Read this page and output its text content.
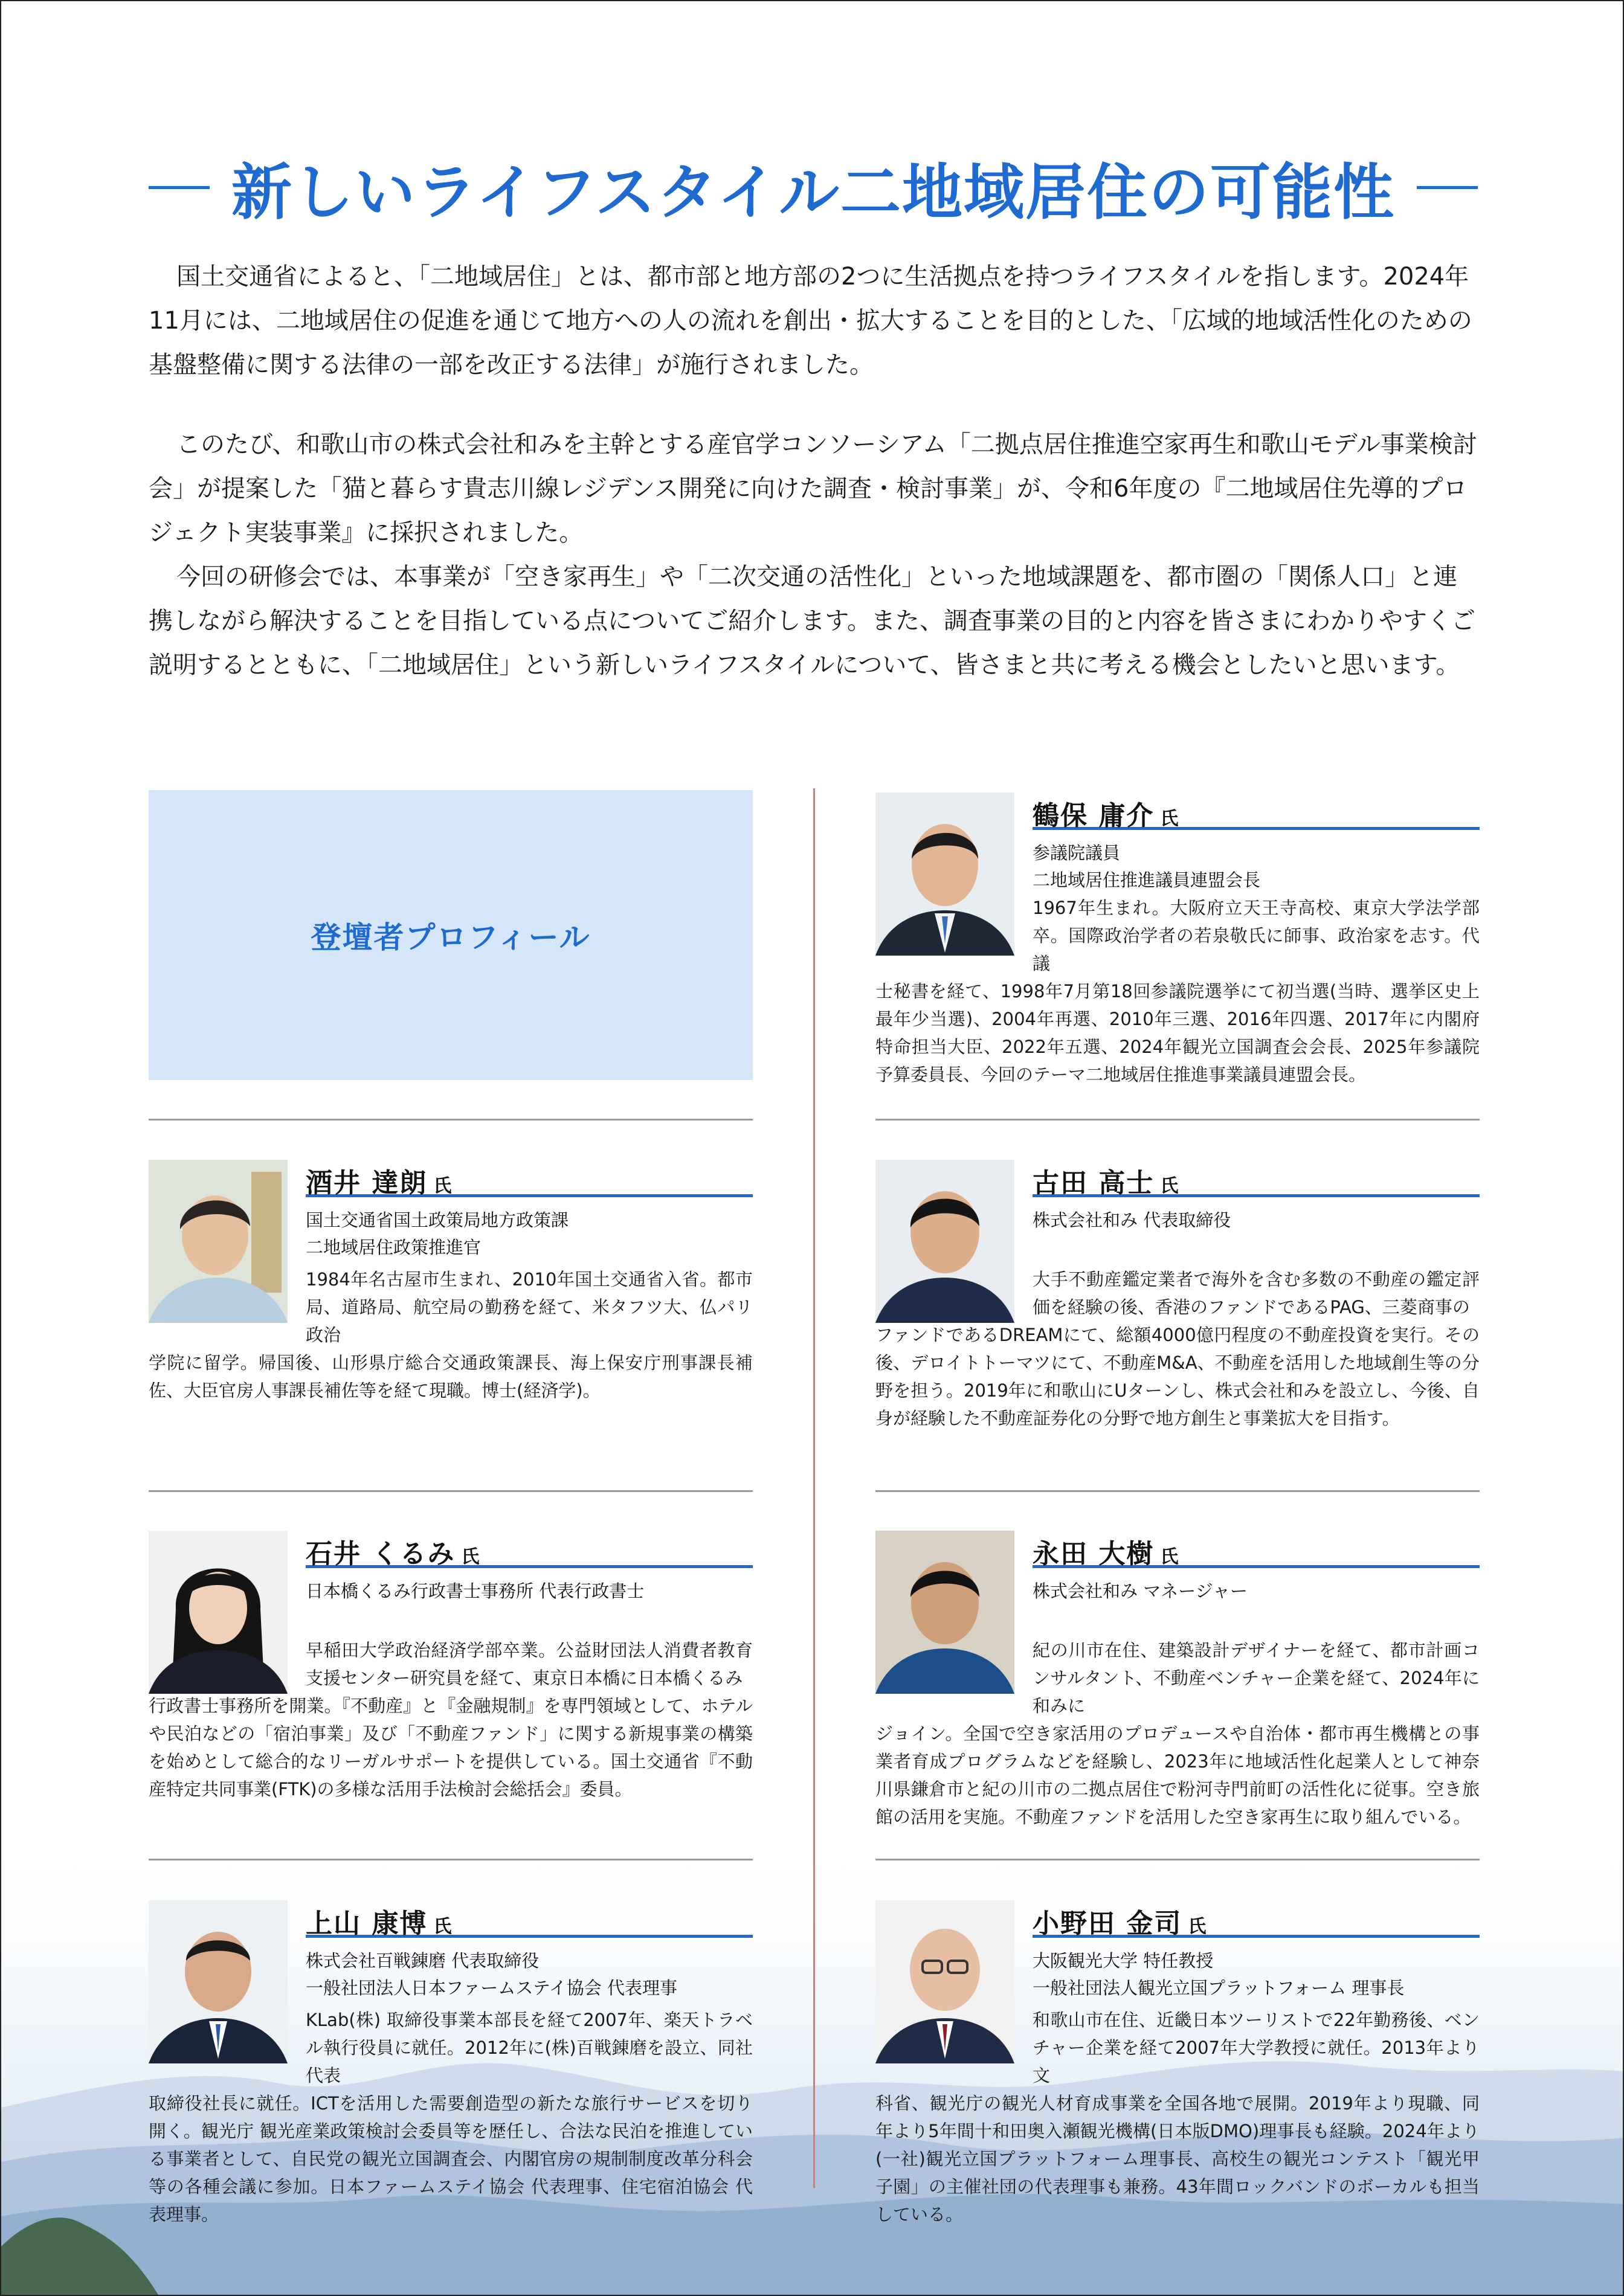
新しいライフスタイル二地域居住の可能性

国土交通省によると、「二地域居住」とは、都市部と地方部の2つに生活拠点を持つライフスタイルを指します。2024年11月には、二地域居住の促進を通じて地方への人の流れを創出・拡大することを目的とした、「広域的地域活性化のための基盤整備に関する法律の一部を改正する法律」が施行されました。

このたび、和歌山市の株式会社和みを主幹とする産官学コンソーシアム「二拠点居住推進空家再生和歌山モデル事業検討会」が提案した「猫と暮らす貴志川線レジデンス開発に向けた調査・検討事業」が、令和6年度の『二地域居住先導的プロジェクト実装事業』に採択されました。

今回の研修会では、本事業が「空き家再生」や「二次交通の活性化」といった地域課題を、都市圏の「関係人口」と連携しながら解決することを目指している点についてご紹介します。また、調査事業の目的と内容を皆さまにわかりやすくご説明するとともに、「二地域居住」という新しいライフスタイルについて、皆さまと共に考える機会としたいと思います。

登壇者プロフィール
鶴保 庸介 氏
参議院議員
二地域居住推進議員連盟会長
1967年生まれ。大阪府立天王寺高校、東京大学法学部卒。国際政治学者の若泉敬氏に師事、政治家を志す。代議
士秘書を経て、1998年7月第18回参議院選挙にて初当選(当時、選挙区史上最年少当選)、2004年再選、2010年三選、2016年四選、2017年に内閣府特命担当大臣、2022年五選、2024年観光立国調査会会長、2025年参議院予算委員長、今回のテーマ二地域居住推進事業議員連盟会長。
酒井 達朗 氏
国土交通省国土政策局地方政策課
二地域居住政策推進官
1984年名古屋市生まれ、2010年国土交通省入省。都市局、道路局、航空局の勤務を経て、米タフツ大、仏パリ政治
学院に留学。帰国後、山形県庁総合交通政策課長、海上保安庁刑事課長補佐、大臣官房人事課長補佐等を経て現職。博士(経済学)。
古田 高士 氏
株式会社和み 代表取締役
大手不動産鑑定業者で海外を含む多数の不動産の鑑定評価を経験の後、香港のファンドであるPAG、三菱商事の
ファンドであるDREAMにて、総額4000億円程度の不動産投資を実行。その後、デロイトトーマツにて、不動産M&A、不動産を活用した地域創生等の分野を担う。2019年に和歌山にUターンし、株式会社和みを設立し、今後、自身が経験した不動産証券化の分野で地方創生と事業拡大を目指す。
石井 くるみ 氏
日本橋くるみ行政書士事務所 代表行政書士
早稲田大学政治経済学部卒業。公益財団法人消費者教育支援センター研究員を経て、東京日本橋に日本橋くるみ
行政書士事務所を開業。『不動産』と『金融規制』を専門領域として、ホテルや民泊などの「宿泊事業」及び「不動産ファンド」に関する新規事業の構築を始めとして総合的なリーガルサポートを提供している。国土交通省『不動産特定共同事業(FTK)の多様な活用手法検討会総括会』委員。
永田 大樹 氏
株式会社和み マネージャー
紀の川市在住、建築設計デザイナーを経て、都市計画コンサルタント、不動産ベンチャー企業を経て、2024年に和みに
ジョイン。全国で空き家活用のプロデュースや自治体・都市再生機構との事業者育成プログラムなどを経験し、2023年に地域活性化起業人として神奈川県鎌倉市と紀の川市の二拠点居住で粉河寺門前町の活性化に従事。空き旅館の活用を実施。不動産ファンドを活用した空き家再生に取り組んでいる。
上山 康博 氏
株式会社百戦錬磨 代表取締役
一般社団法人日本ファームステイ協会 代表理事
KLab(株) 取締役事業本部長を経て2007年、楽天トラベル執行役員に就任。2012年に(株)百戦錬磨を設立、同社代表
取締役社長に就任。ICTを活用した需要創造型の新たな旅行サービスを切り開く。観光庁 観光産業政策検討会委員等を歴任し、合法な民泊を推進している事業者として、自民党の観光立国調査会、内閣官房の規制制度改革分科会等の各種会議に参加。日本ファームステイ協会 代表理事、住宅宿泊協会 代表理事。
小野田 金司 氏
大阪観光大学 特任教授
一般社団法人観光立国プラットフォーム 理事長
和歌山市在住、近畿日本ツーリストで22年勤務後、ベンチャー企業を経て2007年大学教授に就任。2013年より文
科省、観光庁の観光人材育成事業を全国各地で展開。2019年より現職、同年より5年間十和田奥入瀬観光機構(日本版DMO)理事長も経験。2024年より(一社)観光立国プラットフォーム理事長、高校生の観光コンテスト「観光甲子園」の主催社団の代表理事も兼務。43年間ロックバンドのボーカルも担当している。
